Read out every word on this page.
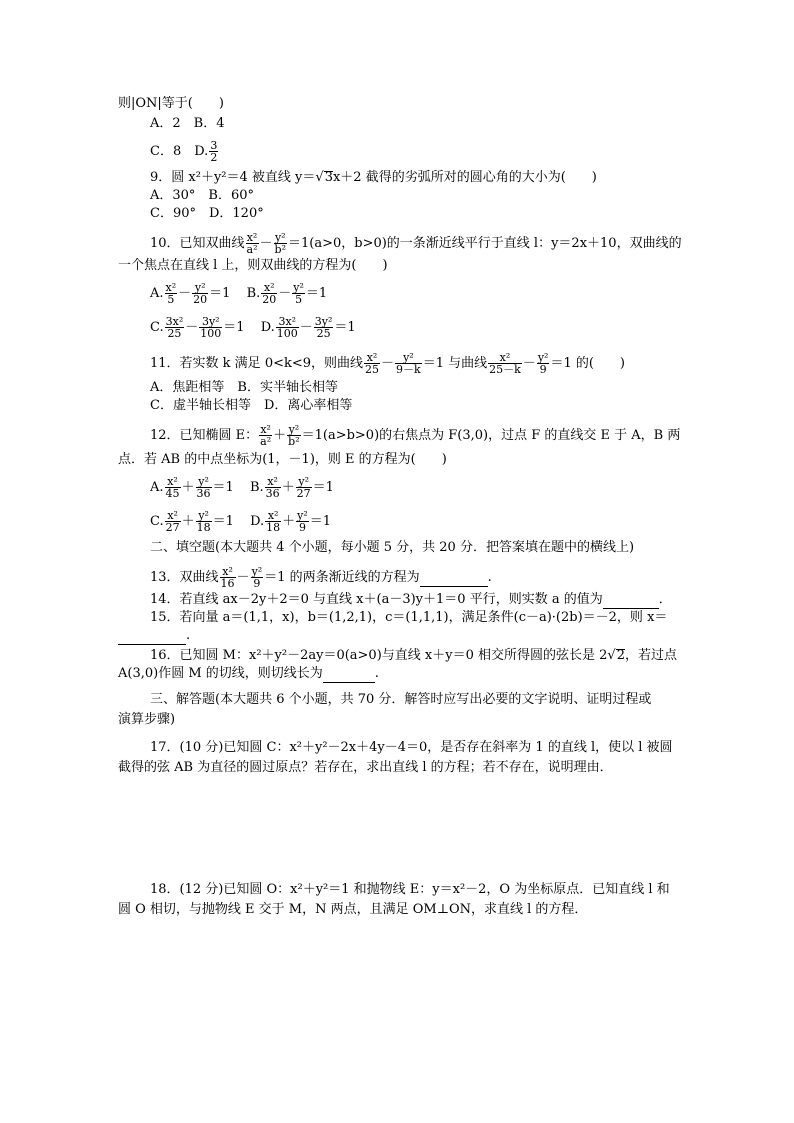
则|ON|等于(　　)
A．2　B．4
C．8　D. $\frac{3}{2}$
9．圆 x²＋y²＝4 被直线 y＝√3x＋2 截得的劣弧所对的圆心角的大小为(　　)
A．30°　B．60°
C．90°　D．120°
10．已知双曲线 $\frac{\text{x²}}{\text{a²}} - \frac{\text{y²}}{\text{b²}} =1(a>0$，b>0)的一条渐近线平行于直线 l：y＝2x＋10，双曲线的
一个焦点在直线 l 上，则双曲线的方程为(　　)
A. $\frac{\text{x²}}{5} - \frac{\text{y²}}{20} =1$ B. $\frac{\text{x²}}{20} - \frac{\text{y²}}{5} =1$
C. $\frac{\text{3x²}}{25} - \frac{\text{3y²}}{100} =1$ D. $\frac{\text{3x²}}{100} - \frac{\text{3y²}}{25} =1$
11．若实数 k 满足 0<k<9，则曲线 $\frac{\text{x²}}{25} - \frac{\text{y²}}{9-k} =1$ 与曲线 $\frac{\text{x²}}{25-k} - \frac{\text{y²}}{9} =1$ 的(　　)
A．焦距相等　B．实半轴长相等
C．虚半轴长相等　D．离心率相等
12．已知椭圆 E： $\frac{\text{x²}}{\text{a²}} + \frac{\text{y²}}{\text{b²}} =1(a>b>0)$的右焦点为 F(3,0)，过点 F 的直线交 E 于 A，B 两
点．若 AB 的中点坐标为(1，－1)，则 E 的方程为(　　)
A. $\frac{\text{x²}}{45} + \frac{\text{y²}}{36} =1$ B. $\frac{\text{x²}}{36} + \frac{\text{y²}}{27} =1$
C. $\frac{\text{x²}}{27} + \frac{\text{y²}}{18} =1$ D. $\frac{\text{x²}}{18} + \frac{\text{y²}}{9} =1$
二、填空题(本大题共 4 个小题，每小题 5 分，共 20 分．把答案填在题中的横线上)
13．双曲线 $\frac{\text{x²}}{16} - \frac{\text{y²}}{9} =1$ 的两条渐近线的方程为	.
14．若直线 ax－2y＋2＝0 与直线 x＋(a－3)y＋1＝0 平行，则实数 a 的值为	．
15．若向量 a＝(1,1，x)，b＝(1,2,1)，c＝(1,1,1)，满足条件(c－a)·(2b)＝－2，则 x＝
.
16．已知圆 M：x²＋y²－2ay＝0(a>0)与直线 x＋y＝0 相交所得圆的弦长是 2√2，若过点
A(3,0)作圆 M 的切线，则切线长为	.
三、解答题(本大题共 6 个小题，共 70 分．解答时应写出必要的文字说明、证明过程或
演算步骤)
17．(10 分)已知圆 C：x²＋y²－2x＋4y－4＝0，是否存在斜率为 1 的直线 l，使以 l 被圆
截得的弦 AB 为直径的圆过原点？若存在，求出直线 l 的方程；若不存在，说明理由．
18．(12 分)已知圆 O：x²＋y²＝1 和抛物线 E：y＝x²－2，O 为坐标原点．已知直线 l 和
圆 O 相切，与抛物线 E 交于 M，N 两点，且满足 OM⊥ON，求直线 l 的方程．
